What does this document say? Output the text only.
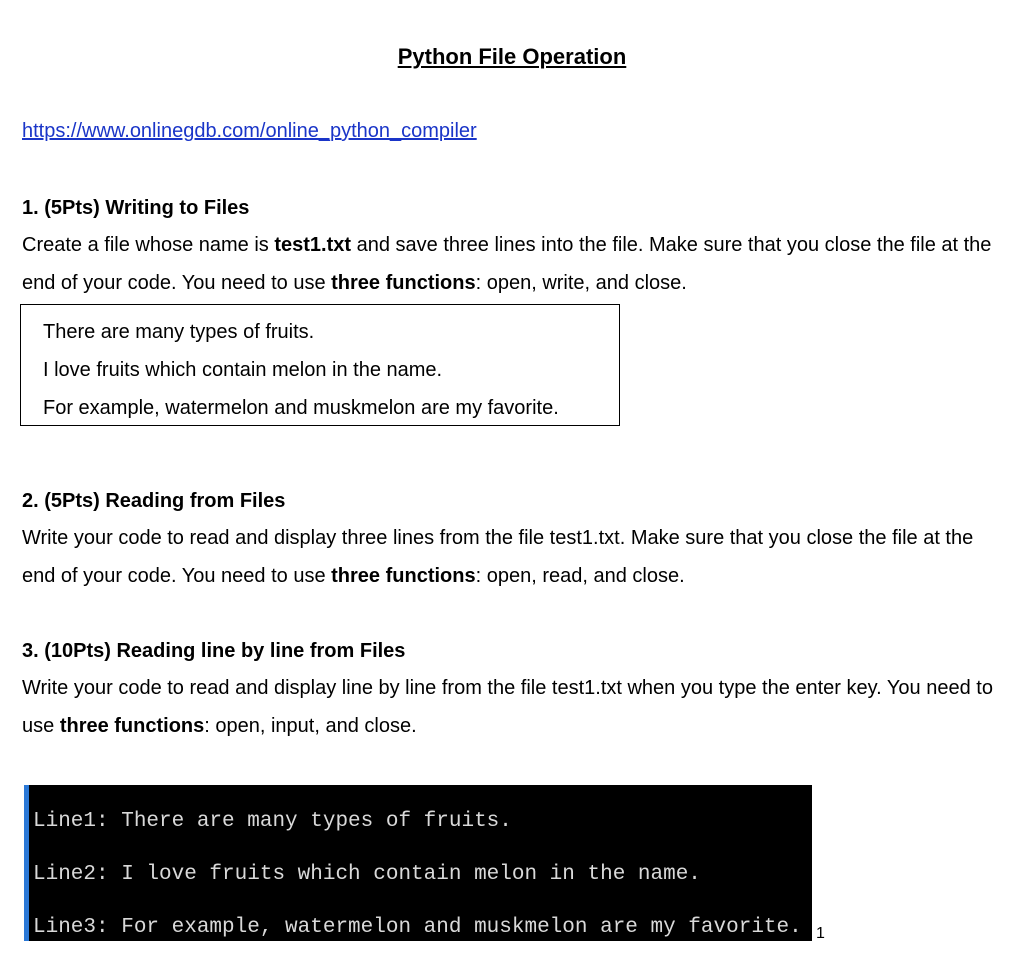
Python File Operation
https://www.onlinegdb.com/online_python_compiler

1. (5Pts) Writing to Files

Create a file whose name is test1.txt and save three lines into the file. Make sure that you close the file at the end of your code. You need to use three functions: open, write, and close.

There are many types of fruits.
I love fruits which contain melon in the name.
For example, watermelon and muskmelon are my favorite.

2. (5Pts) Reading from Files

Write your code to read and display three lines from the file test1.txt. Make sure that you close the file at the end of your code. You need to use three functions: open, read, and close.

3. (10Pts) Reading line by line from Files

Write your code to read and display line by line from the file test1.txt when you type the enter key. You need to use three functions: open, input, and close.

Line1: There are many types of fruits.
Line2: I love fruits which contain melon in the name.
Line3: For example, watermelon and muskmelon are my favorite. 1
